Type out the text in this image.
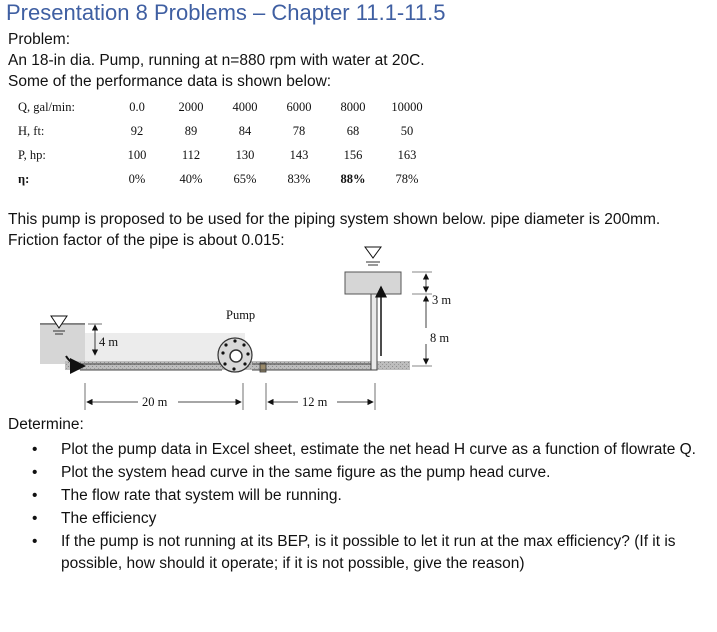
Presentation 8 Problems – Chapter 11.1-11.5
Problem:
An 18-in dia. Pump, running at n=880 rpm with water at 20C.
Some of the performance data is shown below:
Q, gal/min:	0.0	2000	4000	6000	8000	10000
H, ft:	92	89	84	78	68	50
P, hp:	100	112	130	143	156	163
η:	0%	40%	65%	83%	88%	78%
This pump is proposed to be used for the piping system shown below. pipe diameter is 200mm.
Friction factor of the pipe is about 0.015:
Pump
4 m
20 m	12 m
3 m
8 m
Determine:
• Plot the pump data in Excel sheet, estimate the net head H curve as a function of flowrate Q.
• Plot the system head curve in the same figure as the pump head curve.
• The flow rate that system will be running.
• The efficiency
• If the pump is not running at its BEP, is it possible to let it run at the max efficiency? (If it is possible, how should it operate; if it is not possible, give the reason)
